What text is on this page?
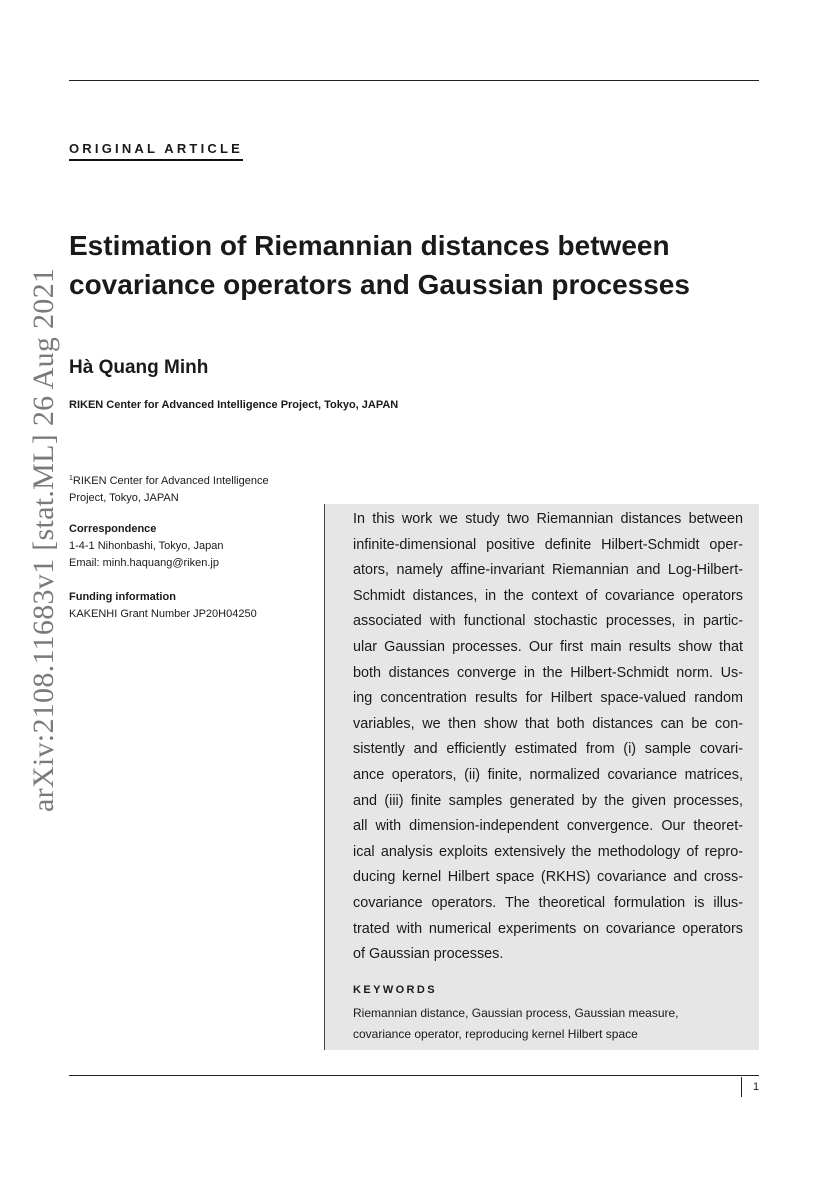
ORIGINAL ARTICLE
arXiv:2108.11683v1 [stat.ML] 26 Aug 2021
Estimation of Riemannian distances between
covariance operators and Gaussian processes
Hà Quang Minh
RIKEN Center for Advanced Intelligence Project, Tokyo, JAPAN
$^1$RIKEN Center for Advanced Intelligence
Project, Tokyo, JAPAN
Correspondence
1-4-1 Nihonbashi, Tokyo, Japan
Email: minh.haquang@riken.jp
Funding information
KAKENHI Grant Number JP20H04250
In this work we study two Riemannian distances between
infinite-dimensional positive definite Hilbert-Schmidt oper-
ators, namely affine-invariant Riemannian and Log-Hilbert-
Schmidt distances, in the context of covariance operators
associated with functional stochastic processes, in partic-
ular Gaussian processes. Our first main results show that
both distances converge in the Hilbert-Schmidt norm. Us-
ing concentration results for Hilbert space-valued random
variables, we then show that both distances can be con-
sistently and efficiently estimated from (i) sample covari-
ance operators, (ii) finite, normalized covariance matrices,
and (iii) finite samples generated by the given processes,
all with dimension-independent convergence. Our theoret-
ical analysis exploits extensively the methodology of repro-
ducing kernel Hilbert space (RKHS) covariance and cross-
covariance operators. The theoretical formulation is illus-
trated with numerical experiments on covariance operators
of Gaussian processes.
KEYWORDS
Riemannian distance, Gaussian process, Gaussian measure,
covariance operator, reproducing kernel Hilbert space
1
